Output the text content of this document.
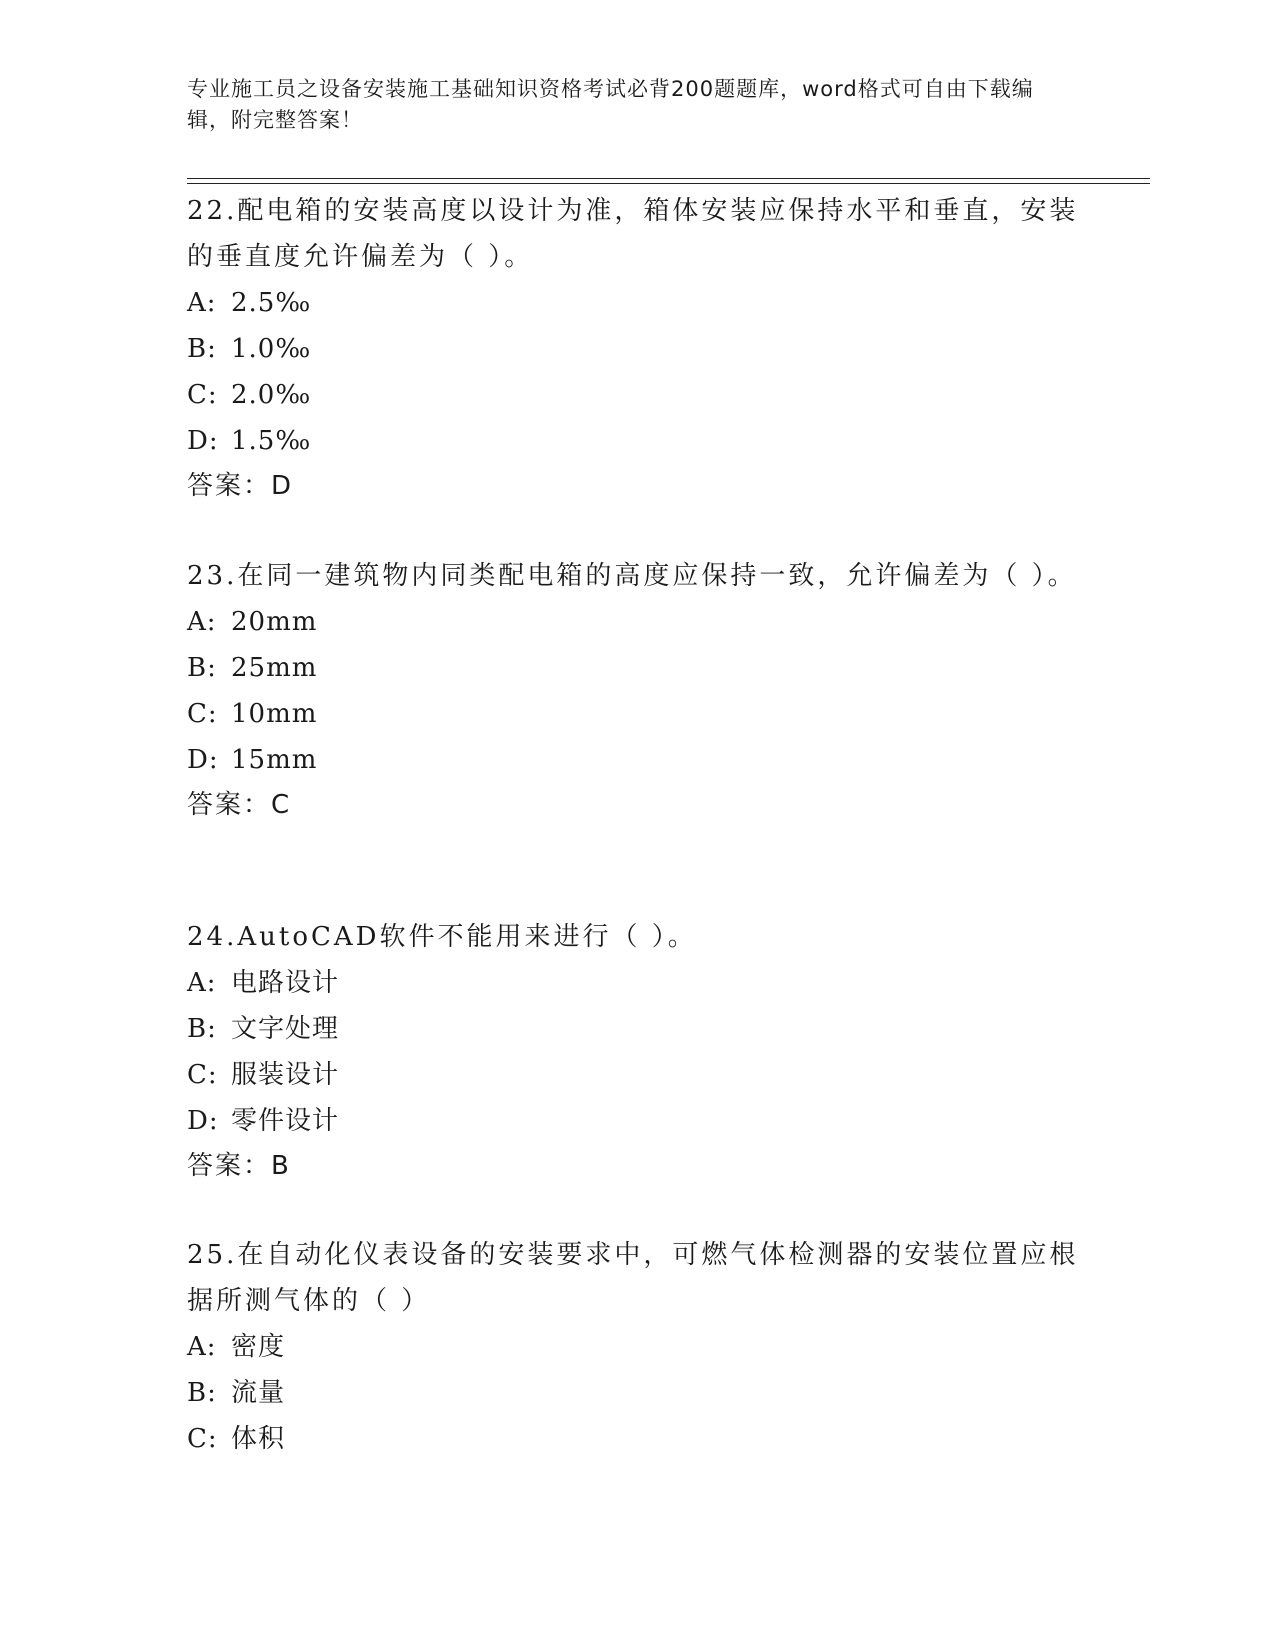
专业施工员之设备安装施工基础知识资格考试必背200题题库，word格式可自由下载编辑，附完整答案！

22.配电箱的安装高度以设计为准，箱体安装应保持水平和垂直，安装的垂直度允许偏差为（ ）。

A: 2.5‰

B: 1.0‰

C: 2.0‰

D: 1.5‰

答案：D

23.在同一建筑物内同类配电箱的高度应保持一致，允许偏差为（ ）。

A: 20mm

B: 25mm

C: 10mm

D: 15mm

答案：C

24.AutoCAD软件不能用来进行（ ）。

A: 电路设计

B: 文字处理

C: 服装设计

D: 零件设计

答案：B

25.在自动化仪表设备的安装要求中，可燃气体检测器的安装位置应根据所测气体的（ ）

A: 密度

B: 流量

C: 体积
